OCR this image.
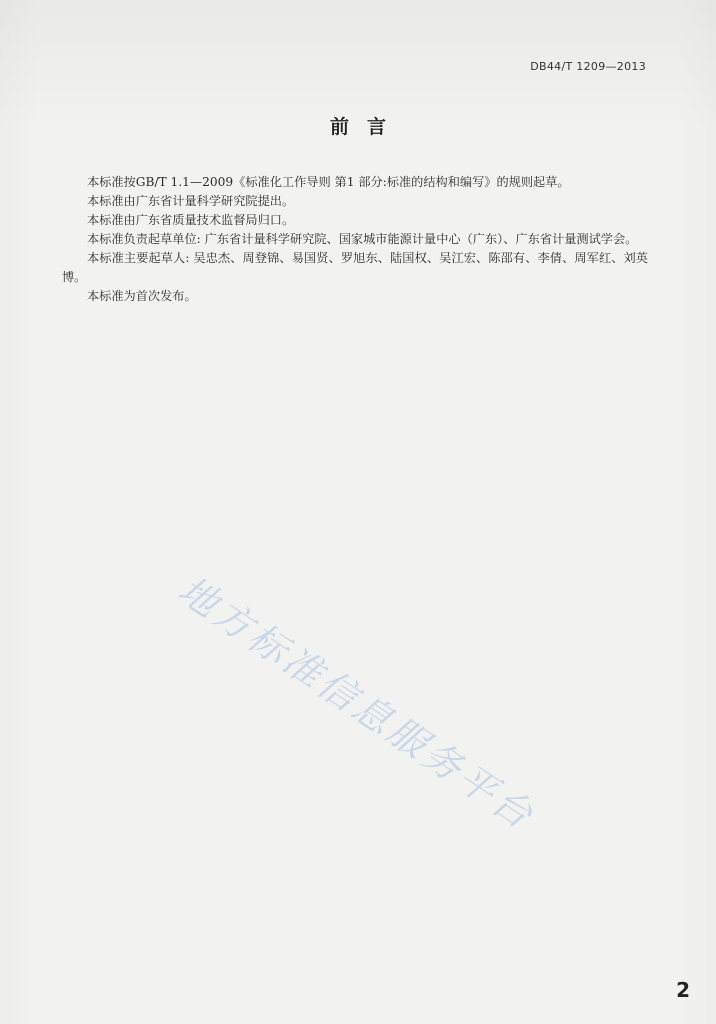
DB44/T 1209—2013
前言

本标准按GB/T 1.1—2009《标准化工作导则 第1 部分:标准的结构和编写》的规则起草。

本标准由广东省计量科学研究院提出。

本标准由广东省质量技术监督局归口。

本标准负责起草单位: 广东省计量科学研究院、国家城市能源计量中心（广东）、广东省计量测试学会。

本标准主要起草人: 吴忠杰、周登锦、易国贤、罗旭东、陆国权、吴江宏、陈邵有、李倩、周军红、刘英博。

本标准为首次发布。

地方标准信息服务平台
2
